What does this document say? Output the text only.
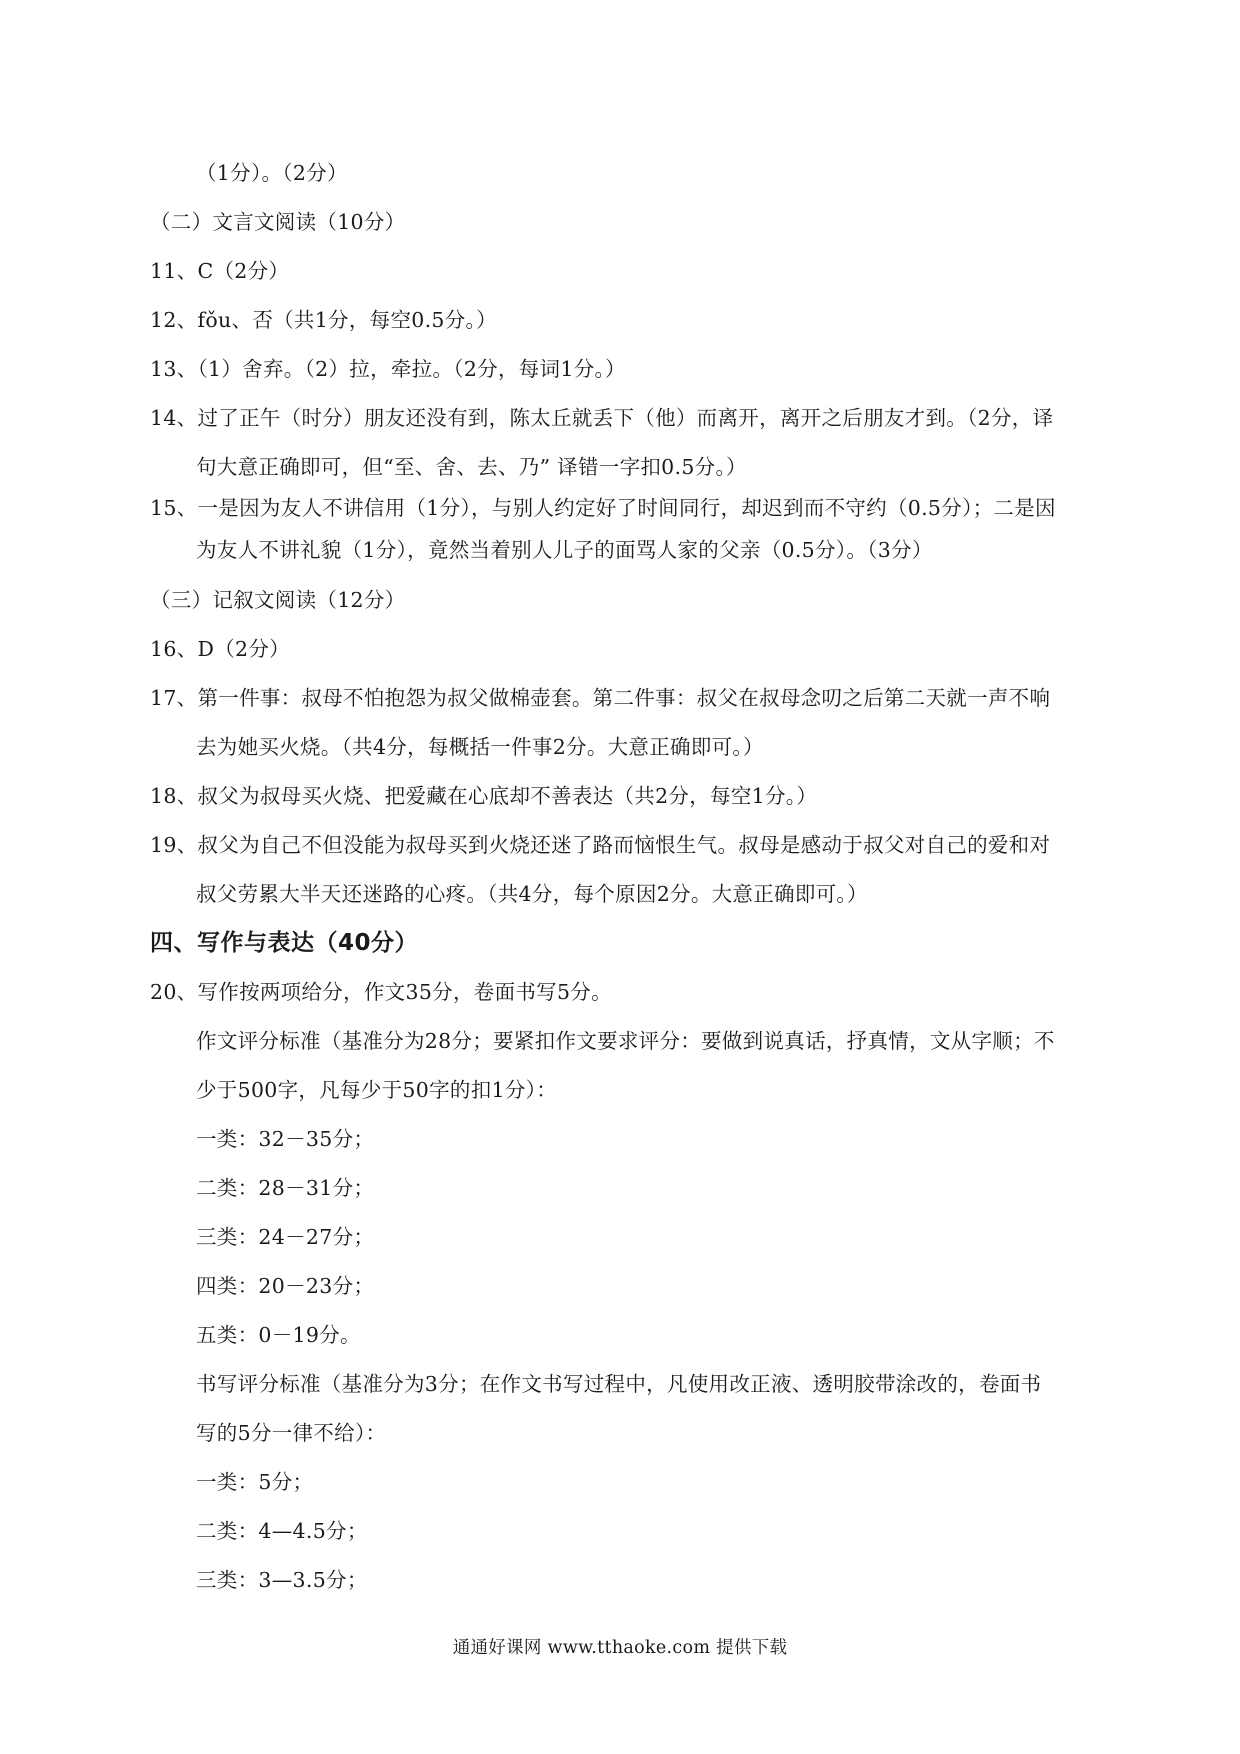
（1分）。（2分）
（二）文言文阅读（10分）
11、C（2分）
12、fǒu、否（共1分，每空0.5分。）
13、（1）舍弃。（2）拉，牵拉。（2分，每词1分。）
14、过了正午（时分）朋友还没有到，陈太丘就丢下（他）而离开，离开之后朋友才到。（2分，译
句大意正确即可，但“至、舍、去、乃” 译错一字扣0.5分。）
15、一是因为友人不讲信用（1分），与别人约定好了时间同行，却迟到而不守约（0.5分）；二是因
为友人不讲礼貌（1分），竟然当着别人儿子的面骂人家的父亲（0.5分）。（3分）
（三）记叙文阅读（12分）
16、D（2分）
17、第一件事：叔母不怕抱怨为叔父做棉壶套。第二件事：叔父在叔母念叨之后第二天就一声不响
去为她买火烧。（共4分，每概括一件事2分。大意正确即可。）
18、叔父为叔母买火烧、把爱藏在心底却不善表达（共2分，每空1分。）
19、叔父为自己不但没能为叔母买到火烧还迷了路而恼恨生气。叔母是感动于叔父对自己的爱和对
叔父劳累大半天还迷路的心疼。（共4分，每个原因2分。大意正确即可。）
四、写作与表达（40分）
20、写作按两项给分，作文35分，卷面书写5分。
作文评分标准（基准分为28分；要紧扣作文要求评分：要做到说真话，抒真情，文从字顺；不
少于500字，凡每少于50字的扣1分）：
一类：32－35分；
二类：28－31分；
三类：24－27分；
四类：20－23分；
五类：0－19分。
书写评分标准（基准分为3分；在作文书写过程中，凡使用改正液、透明胶带涂改的，卷面书
写的5分一律不给）：
一类：5分；
二类：4—4.5分；
三类：3—3.5分；
通通好课网 www.tthaoke.com 提供下载
